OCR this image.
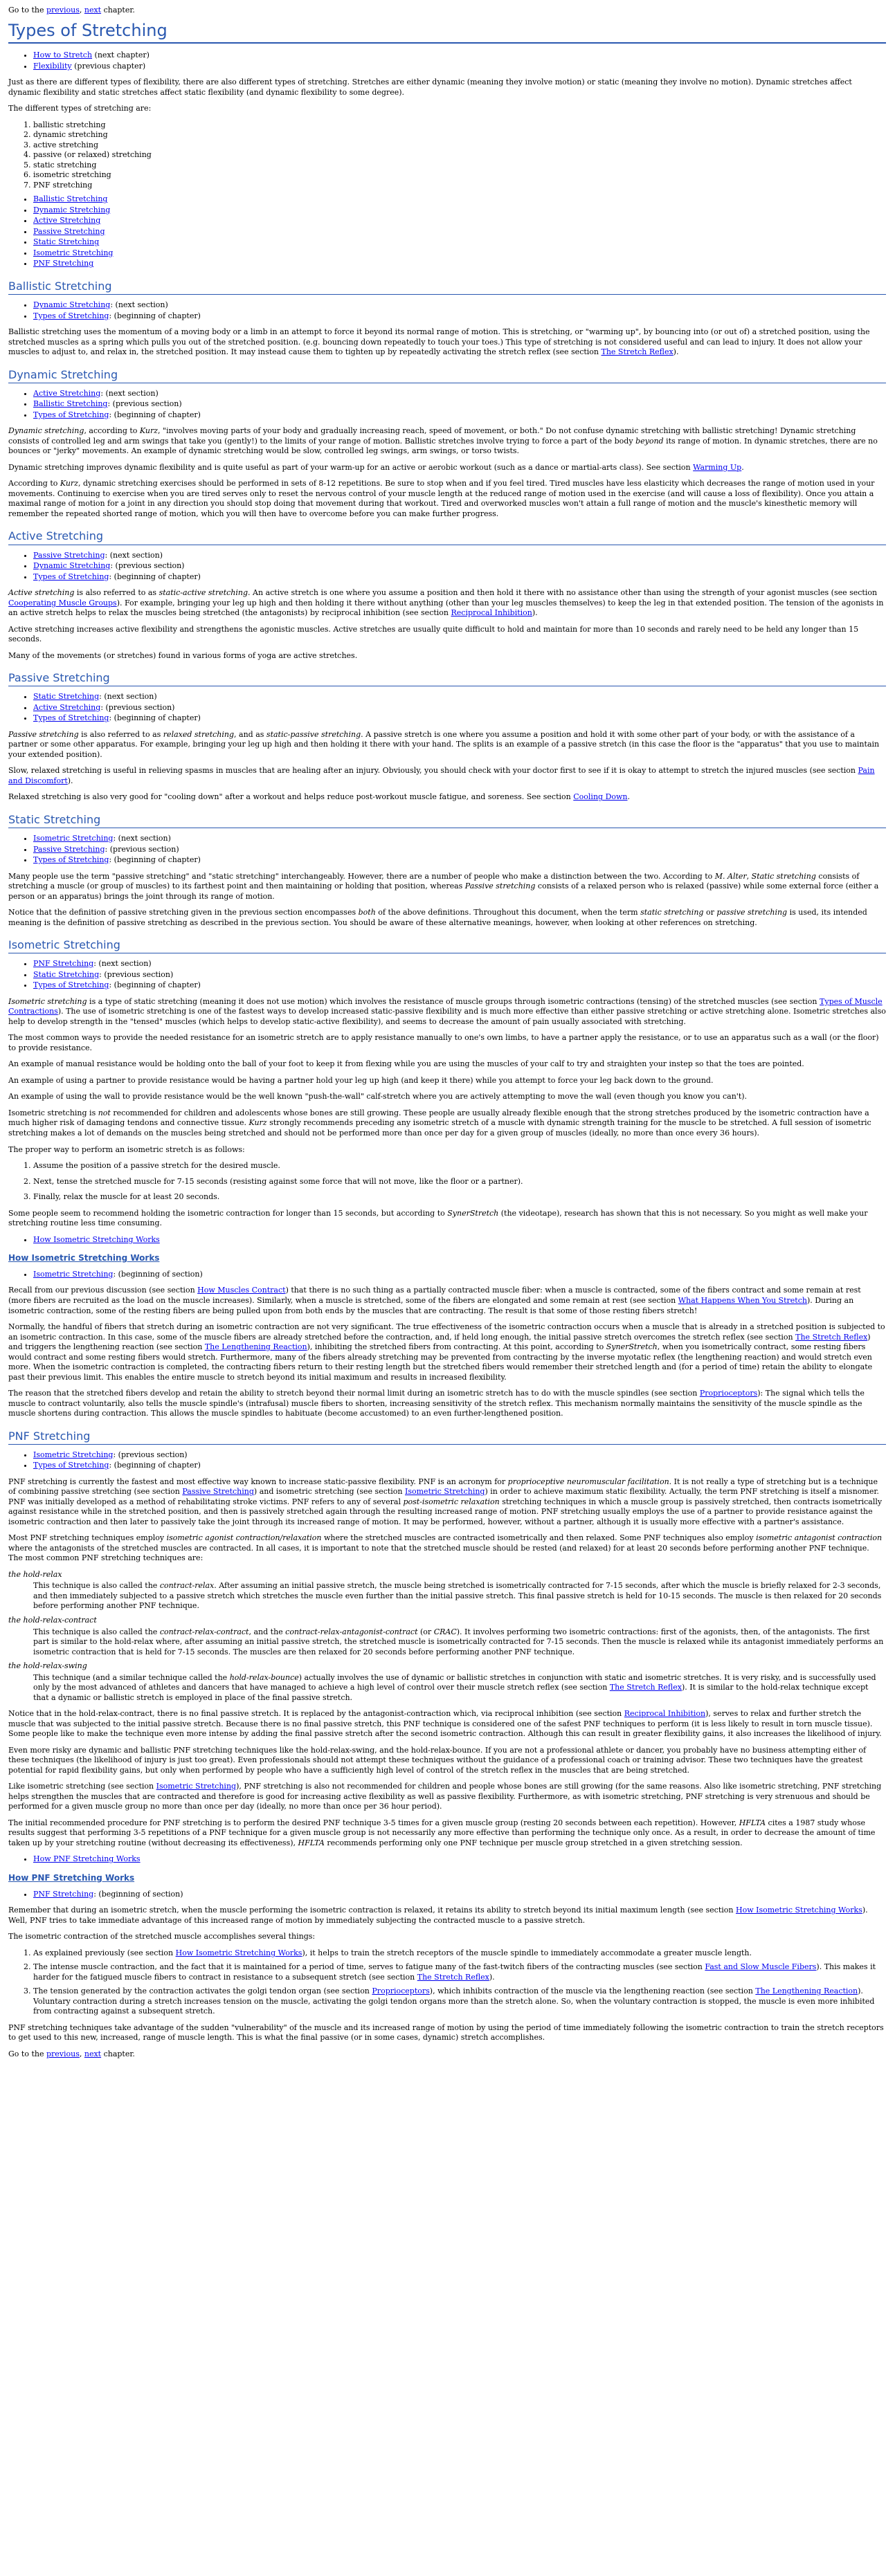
Go to the previous, next chapter.
Types of Stretching
• How to Stretch (next chapter)
• Flexibility (previous chapter)

Just as there are different types of flexibility, there are also different types of stretching. Stretches are either dynamic (meaning they involve motion) or static (meaning they involve no motion). Dynamic stretches affect dynamic flexibility and static stretches affect static flexibility (and dynamic flexibility to some degree).

The different types of stretching are:

1. ballistic stretching
2. dynamic stretching
3. active stretching
4. passive (or relaxed) stretching
5. static stretching
6. isometric stretching
7. PNF stretching
• Ballistic Stretching
• Dynamic Stretching
• Active Stretching
• Passive Stretching
• Static Stretching
• Isometric Stretching
• PNF Stretching
Ballistic Stretching
• Dynamic Stretching: (next section)
• Types of Stretching: (beginning of chapter)

Ballistic stretching uses the momentum of a moving body or a limb in an attempt to force it beyond its normal range of motion. This is stretching, or "warming up", by bouncing into (or out of) a stretched position, using the stretched muscles as a spring which pulls you out of the stretched position. (e.g. bouncing down repeatedly to touch your toes.) This type of stretching is not considered useful and can lead to injury. It does not allow your muscles to adjust to, and relax in, the stretched position. It may instead cause them to tighten up by repeatedly activating the stretch reflex (see section The Stretch Reflex).

Dynamic Stretching
• Active Stretching: (next section)
• Ballistic Stretching: (previous section)
• Types of Stretching: (beginning of chapter)

Dynamic stretching, according to Kurz, "involves moving parts of your body and gradually increasing reach, speed of movement, or both." Do not confuse dynamic stretching with ballistic stretching! Dynamic stretching consists of controlled leg and arm swings that take you (gently!) to the limits of your range of motion. Ballistic stretches involve trying to force a part of the body beyond its range of motion. In dynamic stretches, there are no bounces or "jerky" movements. An example of dynamic stretching would be slow, controlled leg swings, arm swings, or torso twists.

Dynamic stretching improves dynamic flexibility and is quite useful as part of your warm-up for an active or aerobic workout (such as a dance or martial-arts class). See section Warming Up.

According to Kurz, dynamic stretching exercises should be performed in sets of 8-12 repetitions. Be sure to stop when and if you feel tired. Tired muscles have less elasticity which decreases the range of motion used in your movements. Continuing to exercise when you are tired serves only to reset the nervous control of your muscle length at the reduced range of motion used in the exercise (and will cause a loss of flexibility). Once you attain a maximal range of motion for a joint in any direction you should stop doing that movement during that workout. Tired and overworked muscles won't attain a full range of motion and the muscle's kinesthetic memory will remember the repeated shorted range of motion, which you will then have to overcome before you can make further progress.

Active Stretching
• Passive Stretching: (next section)
• Dynamic Stretching: (previous section)
• Types of Stretching: (beginning of chapter)

Active stretching is also referred to as static-active stretching. An active stretch is one where you assume a position and then hold it there with no assistance other than using the strength of your agonist muscles (see section Cooperating Muscle Groups). For example, bringing your leg up high and then holding it there without anything (other than your leg muscles themselves) to keep the leg in that extended position. The tension of the agonists in an active stretch helps to relax the muscles being stretched (the antagonists) by reciprocal inhibition (see section Reciprocal Inhibition).

Active stretching increases active flexibility and strengthens the agonistic muscles. Active stretches are usually quite difficult to hold and maintain for more than 10 seconds and rarely need to be held any longer than 15 seconds.

Many of the movements (or stretches) found in various forms of yoga are active stretches.

Passive Stretching
• Static Stretching: (next section)
• Active Stretching: (previous section)
• Types of Stretching: (beginning of chapter)

Passive stretching is also referred to as relaxed stretching, and as static-passive stretching. A passive stretch is one where you assume a position and hold it with some other part of your body, or with the assistance of a partner or some other apparatus. For example, bringing your leg up high and then holding it there with your hand. The splits is an example of a passive stretch (in this case the floor is the "apparatus" that you use to maintain your extended position).

Slow, relaxed stretching is useful in relieving spasms in muscles that are healing after an injury. Obviously, you should check with your doctor first to see if it is okay to attempt to stretch the injured muscles (see section Pain and Discomfort).

Relaxed stretching is also very good for "cooling down" after a workout and helps reduce post-workout muscle fatigue, and soreness. See section Cooling Down.

Static Stretching
• Isometric Stretching: (next section)
• Passive Stretching: (previous section)
• Types of Stretching: (beginning of chapter)

Many people use the term "passive stretching" and "static stretching" interchangeably. However, there are a number of people who make a distinction between the two. According to M. Alter, Static stretching consists of stretching a muscle (or group of muscles) to its farthest point and then maintaining or holding that position, whereas Passive stretching consists of a relaxed person who is relaxed (passive) while some external force (either a person or an apparatus) brings the joint through its range of motion.

Notice that the definition of passive stretching given in the previous section encompasses both of the above definitions. Throughout this document, when the term static stretching or passive stretching is used, its intended meaning is the definition of passive stretching as described in the previous section. You should be aware of these alternative meanings, however, when looking at other references on stretching.

Isometric Stretching
• PNF Stretching: (next section)
• Static Stretching: (previous section)
• Types of Stretching: (beginning of chapter)

Isometric stretching is a type of static stretching (meaning it does not use motion) which involves the resistance of muscle groups through isometric contractions (tensing) of the stretched muscles (see section Types of Muscle Contractions). The use of isometric stretching is one of the fastest ways to develop increased static-passive flexibility and is much more effective than either passive stretching or active stretching alone. Isometric stretches also help to develop strength in the "tensed" muscles (which helps to develop static-active flexibility), and seems to decrease the amount of pain usually associated with stretching.

The most common ways to provide the needed resistance for an isometric stretch are to apply resistance manually to one's own limbs, to have a partner apply the resistance, or to use an apparatus such as a wall (or the floor) to provide resistance.

An example of manual resistance would be holding onto the ball of your foot to keep it from flexing while you are using the muscles of your calf to try and straighten your instep so that the toes are pointed.

An example of using a partner to provide resistance would be having a partner hold your leg up high (and keep it there) while you attempt to force your leg back down to the ground.

An example of using the wall to provide resistance would be the well known "push-the-wall" calf-stretch where you are actively attempting to move the wall (even though you know you can't).

Isometric stretching is not recommended for children and adolescents whose bones are still growing. These people are usually already flexible enough that the strong stretches produced by the isometric contraction have a much higher risk of damaging tendons and connective tissue. Kurz strongly recommends preceding any isometric stretch of a muscle with dynamic strength training for the muscle to be stretched. A full session of isometric stretching makes a lot of demands on the muscles being stretched and should not be performed more than once per day for a given group of muscles (ideally, no more than once every 36 hours).

The proper way to perform an isometric stretch is as follows:

1. Assume the position of a passive stretch for the desired muscle.
2. Next, tense the stretched muscle for 7-15 seconds (resisting against some force that will not move, like the floor or a partner).
3. Finally, relax the muscle for at least 20 seconds.

Some people seem to recommend holding the isometric contraction for longer than 15 seconds, but according to SynerStretch (the videotape), research has shown that this is not necessary. So you might as well make your stretching routine less time consuming.

• How Isometric Stretching Works
How Isometric Stretching Works
• Isometric Stretching: (beginning of section)

Recall from our previous discussion (see section How Muscles Contract) that there is no such thing as a partially contracted muscle fiber: when a muscle is contracted, some of the fibers contract and some remain at rest (more fibers are recruited as the load on the muscle increases). Similarly, when a muscle is stretched, some of the fibers are elongated and some remain at rest (see section What Happens When You Stretch). During an isometric contraction, some of the resting fibers are being pulled upon from both ends by the muscles that are contracting. The result is that some of those resting fibers stretch!

Normally, the handful of fibers that stretch during an isometric contraction are not very significant. The true effectiveness of the isometric contraction occurs when a muscle that is already in a stretched position is subjected to an isometric contraction. In this case, some of the muscle fibers are already stretched before the contraction, and, if held long enough, the initial passive stretch overcomes the stretch reflex (see section The Stretch Reflex) and triggers the lengthening reaction (see section The Lengthening Reaction), inhibiting the stretched fibers from contracting. At this point, according to SynerStretch, when you isometrically contract, some resting fibers would contract and some resting fibers would stretch. Furthermore, many of the fibers already stretching may be prevented from contracting by the inverse myotatic reflex (the lengthening reaction) and would stretch even more. When the isometric contraction is completed, the contracting fibers return to their resting length but the stretched fibers would remember their stretched length and (for a period of time) retain the ability to elongate past their previous limit. This enables the entire muscle to stretch beyond its initial maximum and results in increased flexibility.

The reason that the stretched fibers develop and retain the ability to stretch beyond their normal limit during an isometric stretch has to do with the muscle spindles (see section Proprioceptors): The signal which tells the muscle to contract voluntarily, also tells the muscle spindle's (intrafusal) muscle fibers to shorten, increasing sensitivity of the stretch reflex. This mechanism normally maintains the sensitivity of the muscle spindle as the muscle shortens during contraction. This allows the muscle spindles to habituate (become accustomed) to an even further-lengthened position.

PNF Stretching
• Isometric Stretching: (previous section)
• Types of Stretching: (beginning of chapter)

PNF stretching is currently the fastest and most effective way known to increase static-passive flexibility. PNF is an acronym for proprioceptive neuromuscular facilitation. It is not really a type of stretching but is a technique of combining passive stretching (see section Passive Stretching) and isometric stretching (see section Isometric Stretching) in order to achieve maximum static flexibility. Actually, the term PNF stretching is itself a misnomer. PNF was initially developed as a method of rehabilitating stroke victims. PNF refers to any of several post-isometric relaxation stretching techniques in which a muscle group is passively stretched, then contracts isometrically against resistance while in the stretched position, and then is passively stretched again through the resulting increased range of motion. PNF stretching usually employs the use of a partner to provide resistance against the isometric contraction and then later to passively take the joint through its increased range of motion. It may be performed, however, without a partner, although it is usually more effective with a partner's assistance.

Most PNF stretching techniques employ isometric agonist contraction/relaxation where the stretched muscles are contracted isometrically and then relaxed. Some PNF techniques also employ isometric antagonist contraction where the antagonists of the stretched muscles are contracted. In all cases, it is important to note that the stretched muscle should be rested (and relaxed) for at least 20 seconds before performing another PNF technique. The most common PNF stretching techniques are:

the hold-relax
This technique is also called the contract-relax. After assuming an initial passive stretch, the muscle being stretched is isometrically contracted for 7-15 seconds, after which the muscle is briefly relaxed for 2-3 seconds, and then immediately subjected to a passive stretch which stretches the muscle even further than the initial passive stretch. This final passive stretch is held for 10-15 seconds. The muscle is then relaxed for 20 seconds before performing another PNF technique.
the hold-relax-contract
This technique is also called the contract-relax-contract, and the contract-relax-antagonist-contract (or CRAC). It involves performing two isometric contractions: first of the agonists, then, of the antagonists. The first part is similar to the hold-relax where, after assuming an initial passive stretch, the stretched muscle is isometrically contracted for 7-15 seconds. Then the muscle is relaxed while its antagonist immediately performs an isometric contraction that is held for 7-15 seconds. The muscles are then relaxed for 20 seconds before performing another PNF technique.
the hold-relax-swing
This technique (and a similar technique called the hold-relax-bounce) actually involves the use of dynamic or ballistic stretches in conjunction with static and isometric stretches. It is very risky, and is successfully used only by the most advanced of athletes and dancers that have managed to achieve a high level of control over their muscle stretch reflex (see section The Stretch Reflex). It is similar to the hold-relax technique except that a dynamic or ballistic stretch is employed in place of the final passive stretch.

Notice that in the hold-relax-contract, there is no final passive stretch. It is replaced by the antagonist-contraction which, via reciprocal inhibition (see section Reciprocal Inhibition), serves to relax and further stretch the muscle that was subjected to the initial passive stretch. Because there is no final passive stretch, this PNF technique is considered one of the safest PNF techniques to perform (it is less likely to result in torn muscle tissue). Some people like to make the technique even more intense by adding the final passive stretch after the second isometric contraction. Although this can result in greater flexibility gains, it also increases the likelihood of injury.

Even more risky are dynamic and ballistic PNF stretching techniques like the hold-relax-swing, and the hold-relax-bounce. If you are not a professional athlete or dancer, you probably have no business attempting either of these techniques (the likelihood of injury is just too great). Even professionals should not attempt these techniques without the guidance of a professional coach or training advisor. These two techniques have the greatest potential for rapid flexibility gains, but only when performed by people who have a sufficiently high level of control of the stretch reflex in the muscles that are being stretched.

Like isometric stretching (see section Isometric Stretching), PNF stretching is also not recommended for children and people whose bones are still growing (for the same reasons. Also like isometric stretching, PNF stretching helps strengthen the muscles that are contracted and therefore is good for increasing active flexibility as well as passive flexibility. Furthermore, as with isometric stretching, PNF stretching is very strenuous and should be performed for a given muscle group no more than once per day (ideally, no more than once per 36 hour period).

The initial recommended procedure for PNF stretching is to perform the desired PNF technique 3-5 times for a given muscle group (resting 20 seconds between each repetition). However, HFLTA cites a 1987 study whose results suggest that performing 3-5 repetitions of a PNF technique for a given muscle group is not necessarily any more effective than performing the technique only once. As a result, in order to decrease the amount of time taken up by your stretching routine (without decreasing its effectiveness), HFLTA recommends performing only one PNF technique per muscle group stretched in a given stretching session.

• How PNF Stretching Works
How PNF Stretching Works
• PNF Stretching: (beginning of section)

Remember that during an isometric stretch, when the muscle performing the isometric contraction is relaxed, it retains its ability to stretch beyond its initial maximum length (see section How Isometric Stretching Works). Well, PNF tries to take immediate advantage of this increased range of motion by immediately subjecting the contracted muscle to a passive stretch.

The isometric contraction of the stretched muscle accomplishes several things:

1. As explained previously (see section How Isometric Stretching Works), it helps to train the stretch receptors of the muscle spindle to immediately accommodate a greater muscle length.
2. The intense muscle contraction, and the fact that it is maintained for a period of time, serves to fatigue many of the fast-twitch fibers of the contracting muscles (see section Fast and Slow Muscle Fibers). This makes it harder for the fatigued muscle fibers to contract in resistance to a subsequent stretch (see section The Stretch Reflex).
3. The tension generated by the contraction activates the golgi tendon organ (see section Proprioceptors), which inhibits contraction of the muscle via the lengthening reaction (see section The Lengthening Reaction). Voluntary contraction during a stretch increases tension on the muscle, activating the golgi tendon organs more than the stretch alone. So, when the voluntary contraction is stopped, the muscle is even more inhibited from contracting against a subsequent stretch.

PNF stretching techniques take advantage of the sudden "vulnerability" of the muscle and its increased range of motion by using the period of time immediately following the isometric contraction to train the stretch receptors to get used to this new, increased, range of muscle length. This is what the final passive (or in some cases, dynamic) stretch accomplishes.

Go to the previous, next chapter.
